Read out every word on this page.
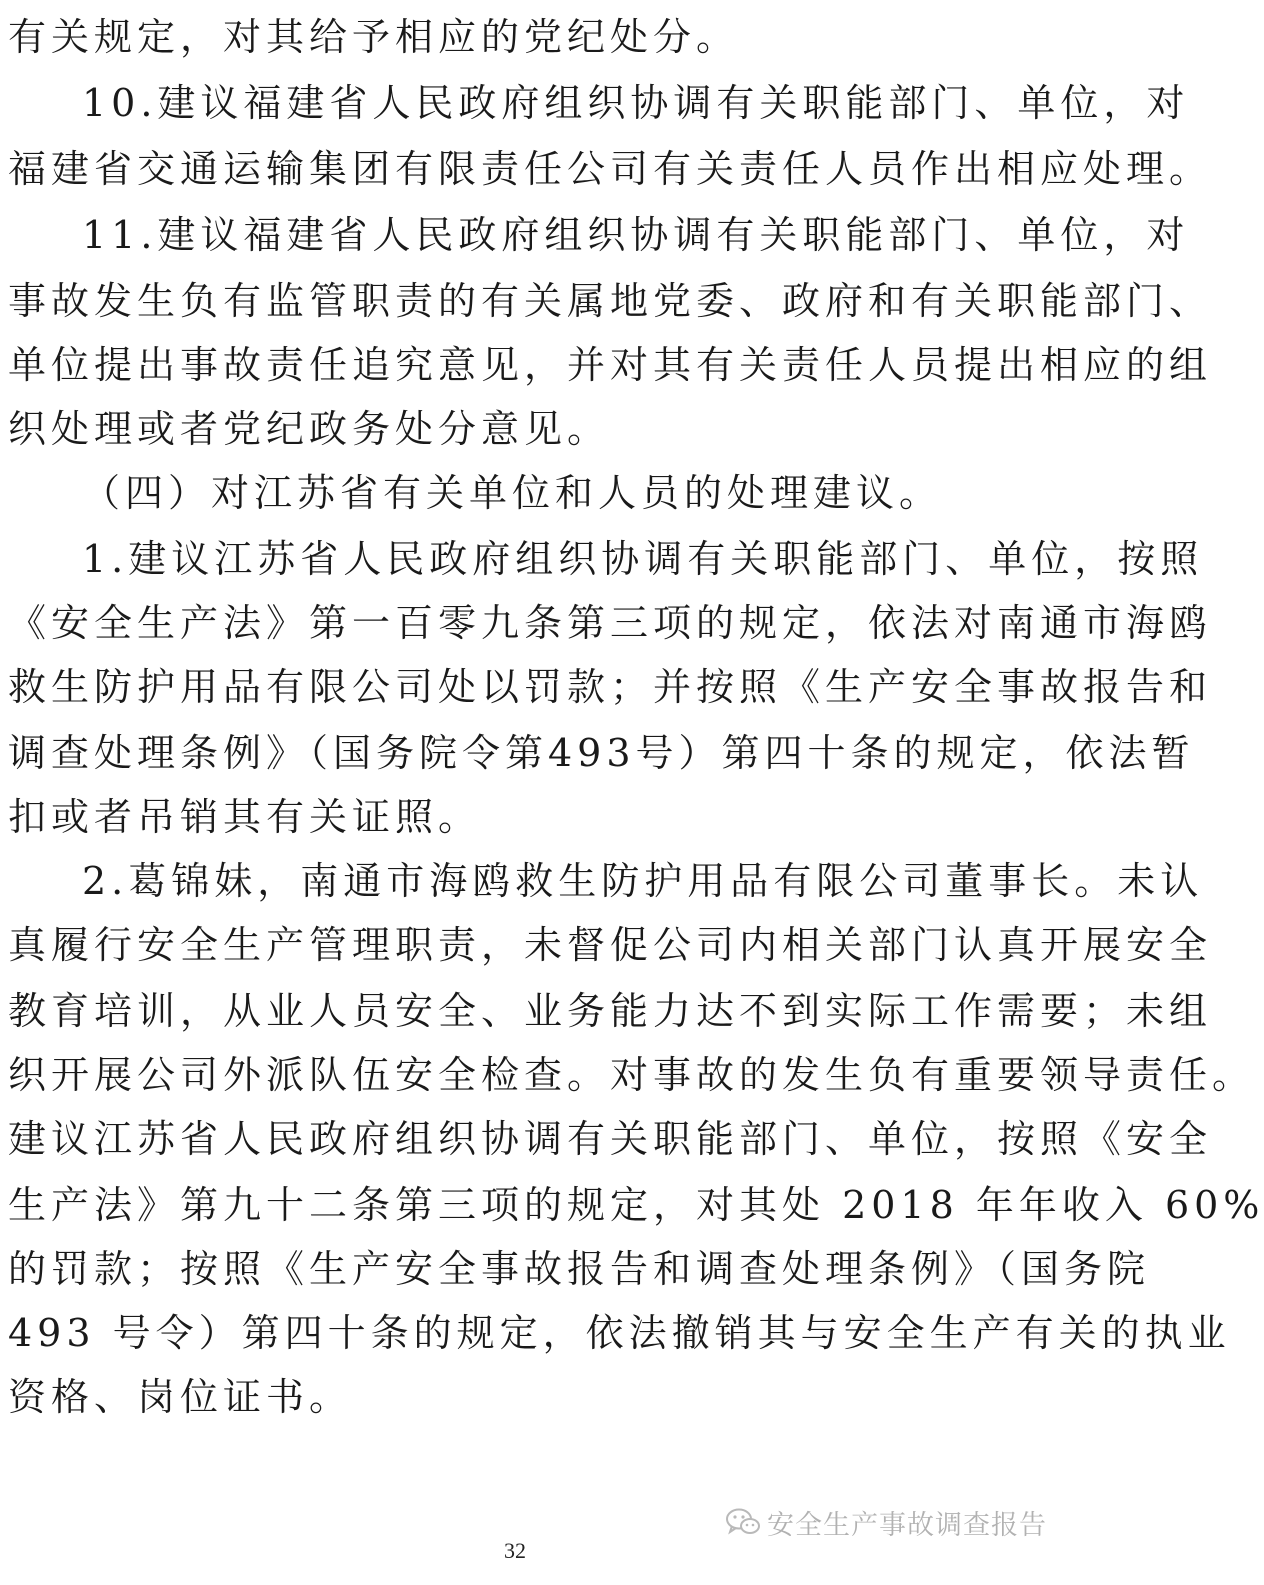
有关规定，对其给予相应的党纪处分。
10.建议福建省人民政府组织协调有关职能部门、单位，对
福建省交通运输集团有限责任公司有关责任人员作出相应处理。
11.建议福建省人民政府组织协调有关职能部门、单位，对
事故发生负有监管职责的有关属地党委、政府和有关职能部门、
单位提出事故责任追究意见，并对其有关责任人员提出相应的组
织处理或者党纪政务处分意见。
（四）对江苏省有关单位和人员的处理建议。
1.建议江苏省人民政府组织协调有关职能部门、单位，按照
《安全生产法》第一百零九条第三项的规定，依法对南通市海鸥
救生防护用品有限公司处以罚款；并按照《生产安全事故报告和
调查处理条例》（国务院令第493号）第四十条的规定，依法暂
扣或者吊销其有关证照。
2.葛锦妹，南通市海鸥救生防护用品有限公司董事长。未认
真履行安全生产管理职责，未督促公司内相关部门认真开展安全
教育培训，从业人员安全、业务能力达不到实际工作需要；未组
织开展公司外派队伍安全检查。对事故的发生负有重要领导责任。
建议江苏省人民政府组织协调有关职能部门、单位，按照《安全
生产法》第九十二条第三项的规定，对其处 2018 年年收入 60%
的罚款；按照《生产安全事故报告和调查处理条例》（国务院
493 号令）第四十条的规定，依法撤销其与安全生产有关的执业
资格、岗位证书。
安全生产事故调查报告
32
